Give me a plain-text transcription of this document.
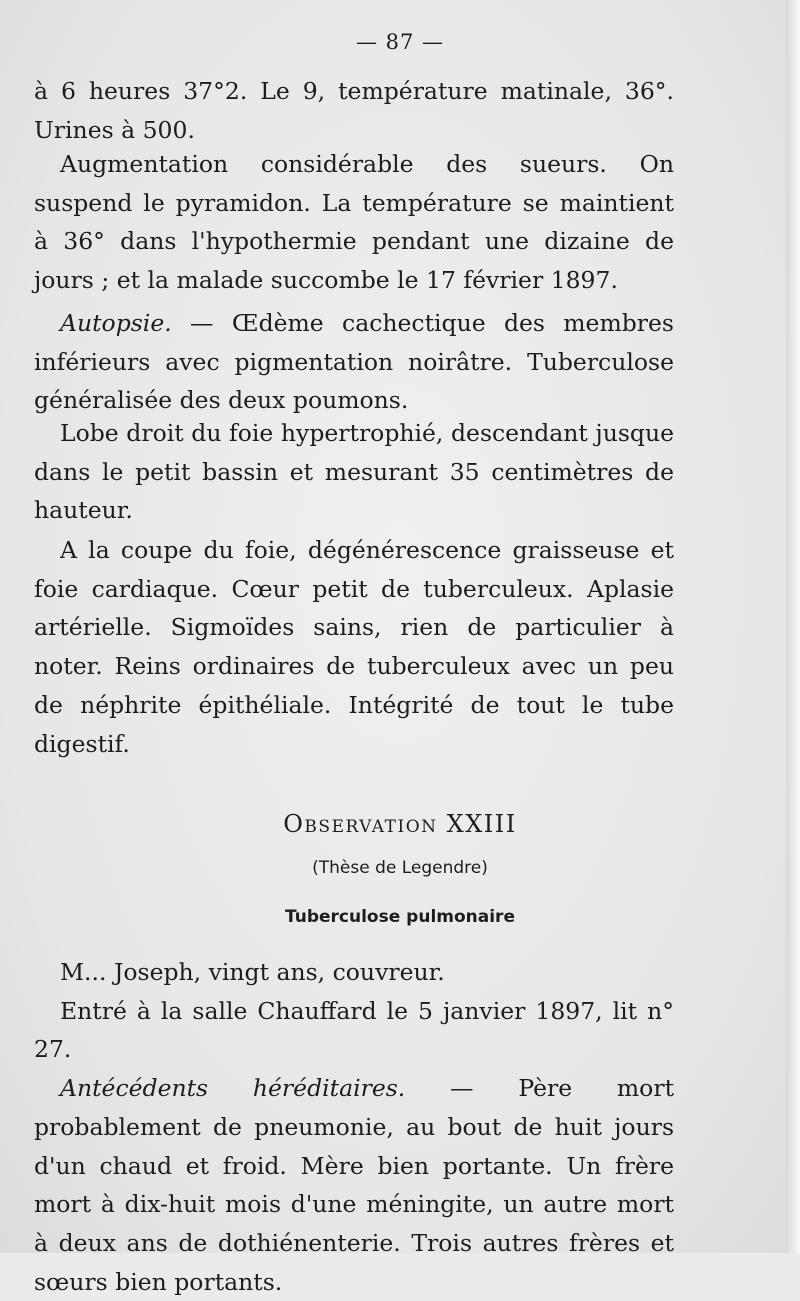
— 87 —

à 6 heures 37°2. Le 9, température matinale, 36°. Urines à 500.

Augmentation considérable des sueurs. On suspend le pyramidon. La température se maintient à 36° dans l'hypothermie pendant une dizaine de jours ; et la malade succombe le 17 février 1897.

Autopsie. — Œdème cachectique des membres inférieurs avec pigmentation noirâtre. Tuberculose généralisée des deux poumons.

Lobe droit du foie hypertrophié, descendant jusque dans le petit bassin et mesurant 35 centimètres de hauteur.

A la coupe du foie, dégénérescence graisseuse et foie cardiaque. Cœur petit de tuberculeux. Aplasie artérielle. Sigmoïdes sains, rien de particulier à noter. Reins ordinaires de tuberculeux avec un peu de néphrite épithéliale. Intégrité de tout le tube digestif.

Observation XXIII
(Thèse de Legendre)
Tuberculose pulmonaire

M... Joseph, vingt ans, couvreur.

Entré à la salle Chauffard le 5 janvier 1897, lit n° 27.

Antécédents héréditaires. — Père mort probablement de pneumonie, au bout de huit jours d'un chaud et froid. Mère bien portante. Un frère mort à dix-huit mois d'une méningite, un autre mort à deux ans de dothiénenterie. Trois autres frères et sœurs bien portants.
